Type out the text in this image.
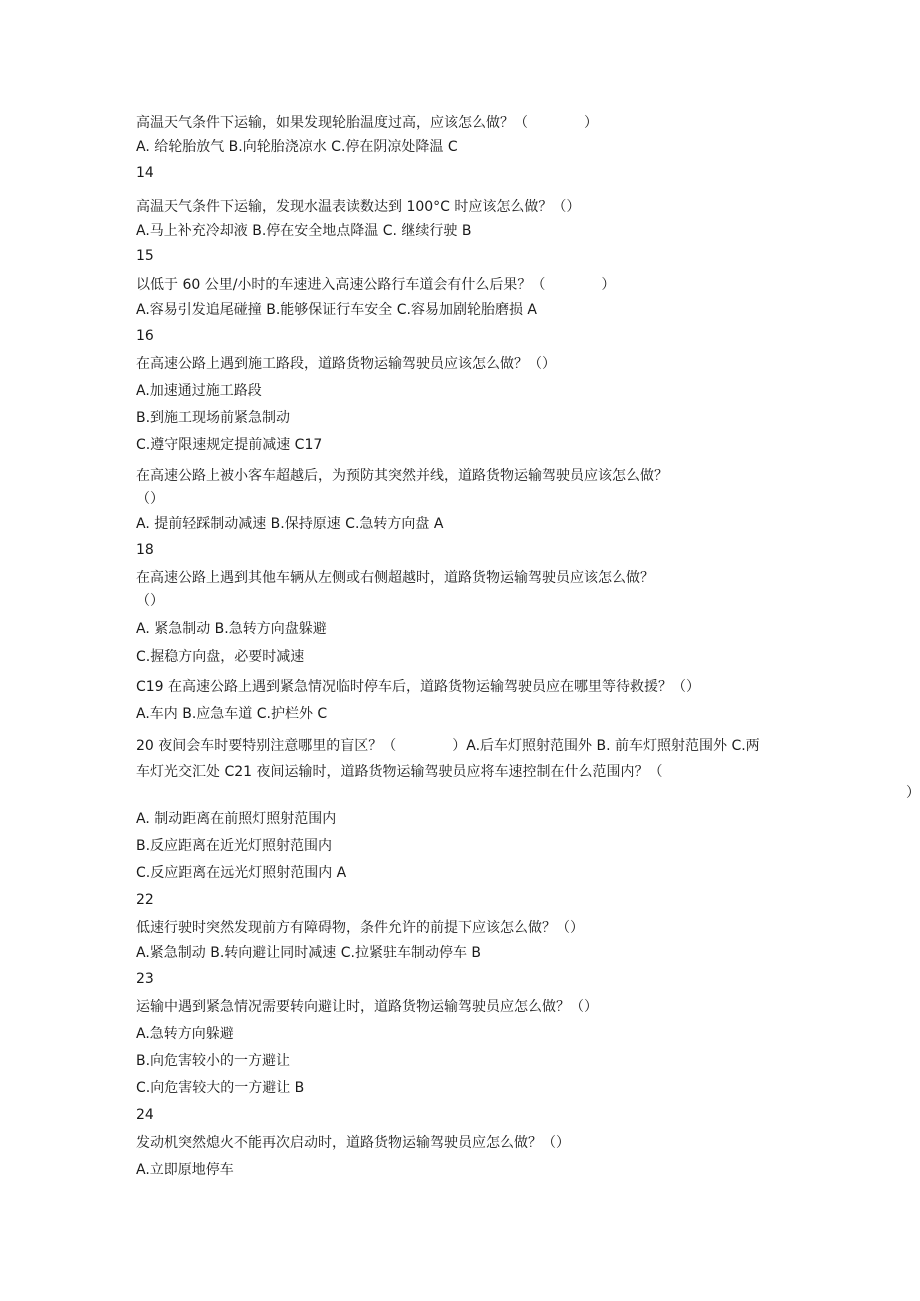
高温天气条件下运输，如果发现轮胎温度过高，应该怎么做？（　　　　）
A. 给轮胎放气 B.向轮胎浇凉水 C.停在阴凉处降温 C
14
高温天气条件下运输，发现水温表读数达到 100°C 时应该怎么做？（）
A.马上补充冷却液 B.停在安全地点降温 C. 继续行驶 B
15
以低于 60 公里/小时的车速进入高速公路行车道会有什么后果？（　　　　）
A.容易引发追尾碰撞 B.能够保证行车安全 C.容易加剧轮胎磨损 A
16
在高速公路上遇到施工路段，道路货物运输驾驶员应该怎么做？（）
A.加速通过施工路段
B.到施工现场前紧急制动
C.遵守限速规定提前减速 C17
在高速公路上被小客车超越后，为预防其突然并线，道路货物运输驾驶员应该怎么做？
（）
A. 提前轻踩制动减速 B.保持原速 C.急转方向盘 A
18
在高速公路上遇到其他车辆从左侧或右侧超越时，道路货物运输驾驶员应该怎么做？
（）
A. 紧急制动 B.急转方向盘躲避
C.握稳方向盘，必要时减速
C19 在高速公路上遇到紧急情况临时停车后，道路货物运输驾驶员应在哪里等待救援？（）
A.车内 B.应急车道 C.护栏外 C
20 夜间会车时要特别注意哪里的盲区？（　　　　）A.后车灯照射范围外 B. 前车灯照射范围外 C.两车灯光交汇处 C21 夜间运输时，道路货物运输驾驶员应将车速控制在什么范围内？（
）
A. 制动距离在前照灯照射范围内
B.反应距离在近光灯照射范围内
C.反应距离在远光灯照射范围内 A
22
低速行驶时突然发现前方有障碍物，条件允许的前提下应该怎么做？（）
A.紧急制动 B.转向避让同时减速 C.拉紧驻车制动停车 B
23
运输中遇到紧急情况需要转向避让时，道路货物运输驾驶员应怎么做？（）
A.急转方向躲避
B.向危害较小的一方避让
C.向危害较大的一方避让 B
24
发动机突然熄火不能再次启动时，道路货物运输驾驶员应怎么做？（）
A.立即原地停车
